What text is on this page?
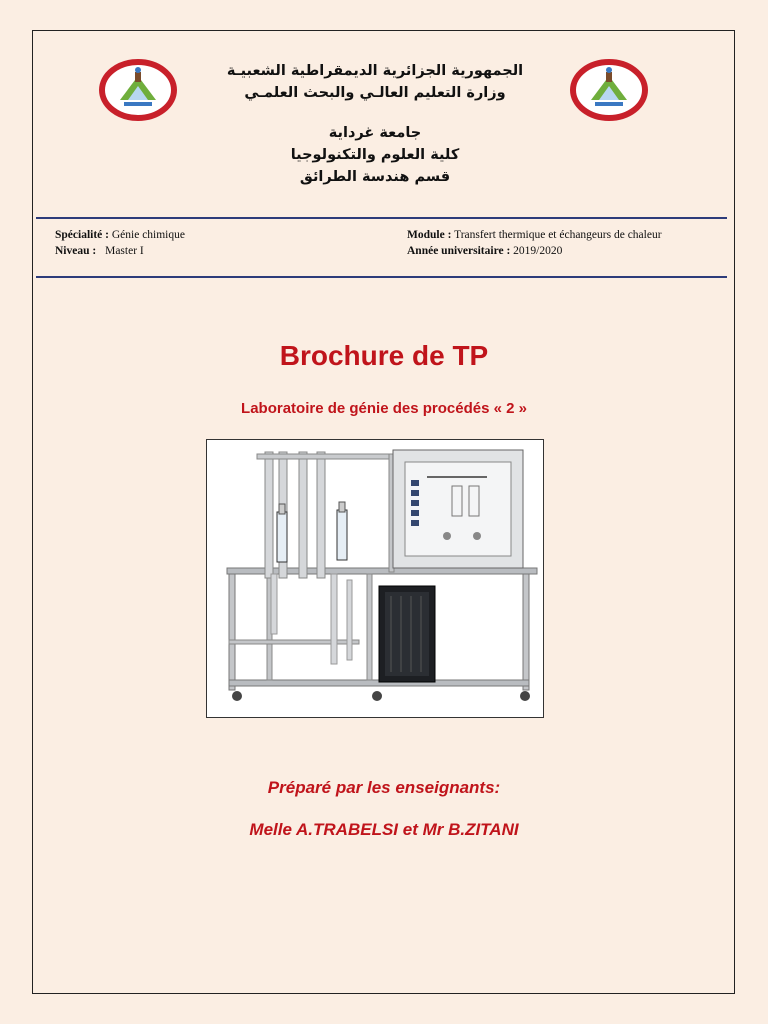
الجمهورية الجزائرية الديمقراطية الشعبيـة
وزارة التعليم العالـي والبحث العلمـي
جامعة غرداية
كلية العلوم والتكنولوجيا
قسم هندسة الطرائق
Spécialité : Génie chimique
Niveau : Master I
Module : Transfert thermique et échangeurs de chaleur
Année universitaire : 2019/2020
Brochure de TP
Laboratoire de génie des procédés « 2 »
Préparé par les enseignants:
Melle A.TRABELSI et Mr B.ZITANI
